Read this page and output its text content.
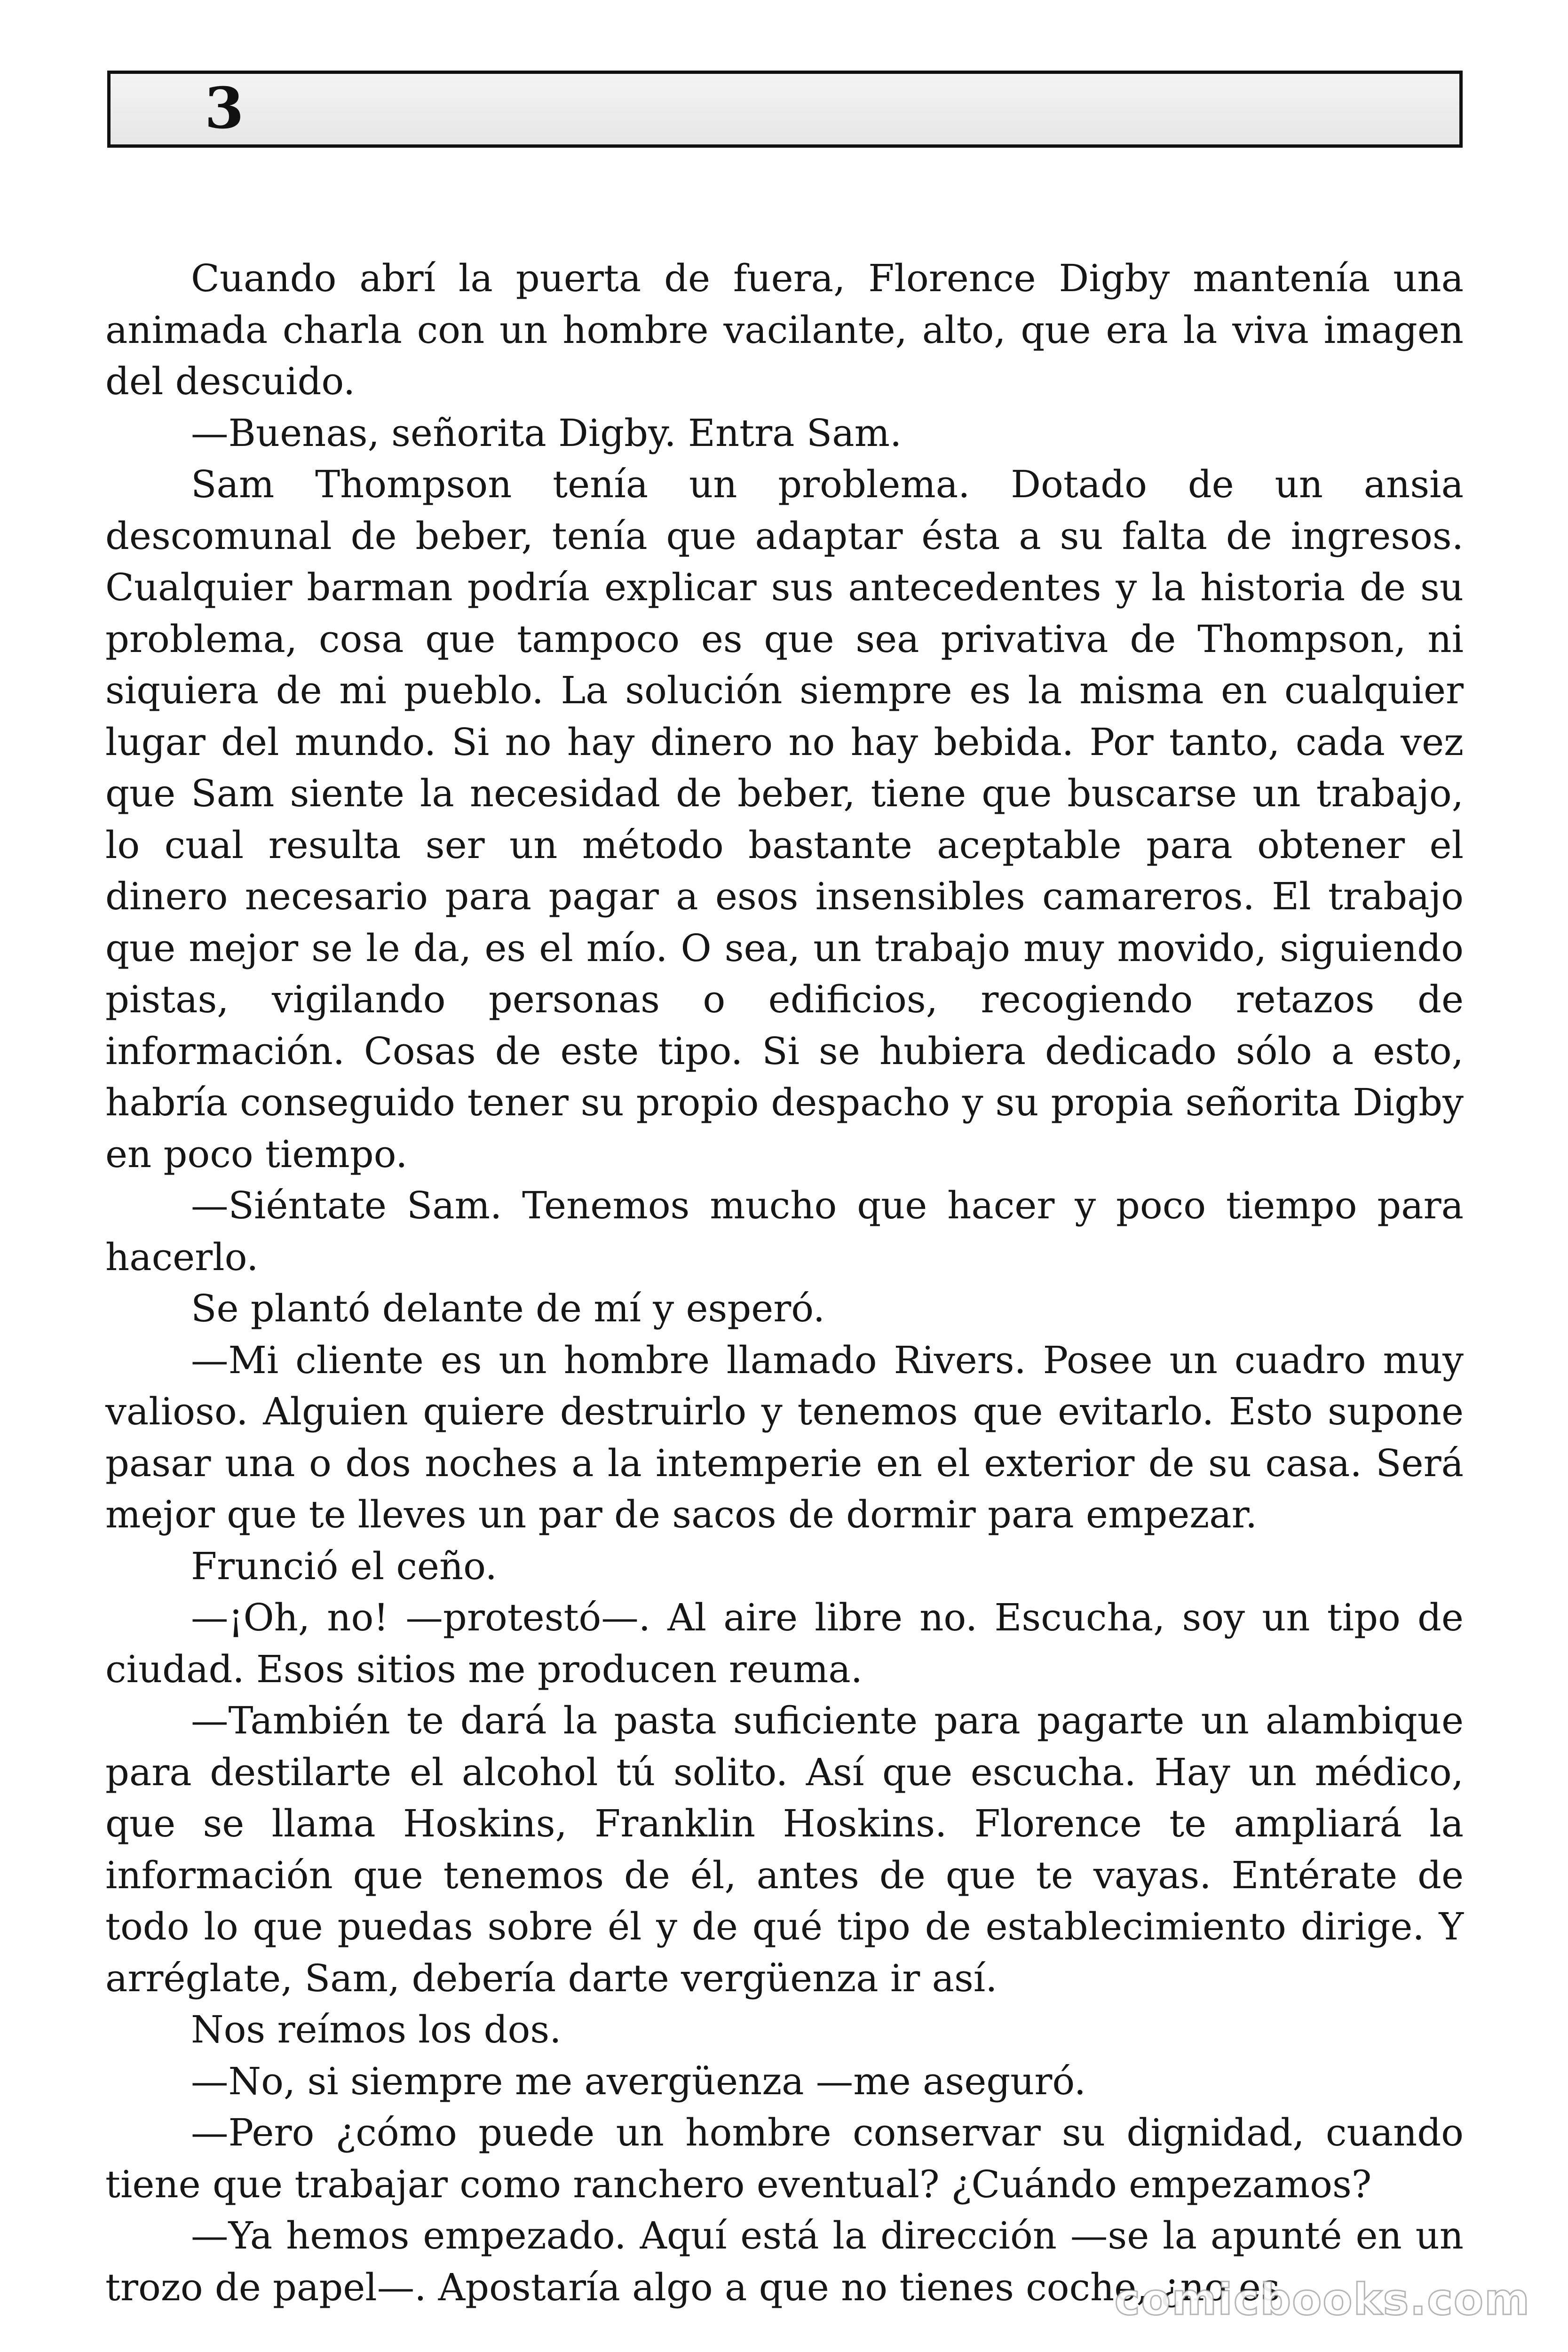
3

Cuando abrí la puerta de fuera, Florence Digby mantenía una animada charla con un hombre vacilante, alto, que era la viva imagen del descuido.

—Buenas, señorita Digby. Entra Sam.

Sam Thompson tenía un problema. Dotado de un ansia descomunal de beber, tenía que adaptar ésta a su falta de ingresos. Cualquier barman podría explicar sus antecedentes y la historia de su problema, cosa que tampoco es que sea privativa de Thompson, ni siquiera de mi pueblo. La solución siempre es la misma en cualquier lugar del mundo. Si no hay dinero no hay bebida. Por tanto, cada vez que Sam siente la necesidad de beber, tiene que buscarse un trabajo, lo cual resulta ser un método bastante aceptable para obtener el dinero necesario para pagar a esos insensibles camareros. El trabajo que mejor se le da, es el mío. O sea, un trabajo muy movido, siguiendo pistas, vigilando personas o edificios, recogiendo retazos de información. Cosas de este tipo. Si se hubiera dedicado sólo a esto, habría conseguido tener su propio despacho y su propia señorita Digby en poco tiempo.

—Siéntate Sam. Tenemos mucho que hacer y poco tiempo para hacerlo.

Se plantó delante de mí y esperó.

—Mi cliente es un hombre llamado Rivers. Posee un cuadro muy valioso. Alguien quiere destruirlo y tenemos que evitarlo. Esto supone pasar una o dos noches a la intemperie en el exterior de su casa. Será mejor que te lleves un par de sacos de dormir para empezar.

Frunció el ceño.

—¡Oh, no! —protestó—. Al aire libre no. Escucha, soy un tipo de ciudad. Esos sitios me producen reuma.

—También te dará la pasta suficiente para pagarte un alambique para destilarte el alcohol tú solito. Así que escucha. Hay un médico, que se llama Hoskins, Franklin Hoskins. Florence te ampliará la información que tenemos de él, antes de que te vayas. Entérate de todo lo que puedas sobre él y de qué tipo de establecimiento dirige. Y arréglate, Sam, debería darte vergüenza ir así.

Nos reímos los dos.

—No, si siempre me avergüenza —me aseguró.

—Pero ¿cómo puede un hombre conservar su dignidad, cuando tiene que trabajar como ranchero eventual? ¿Cuándo empezamos?

—Ya hemos empezado. Aquí está la dirección —se la apunté en un trozo de papel—. Apostaría algo a que no tienes coche, ¿no es

comicbooks.com
